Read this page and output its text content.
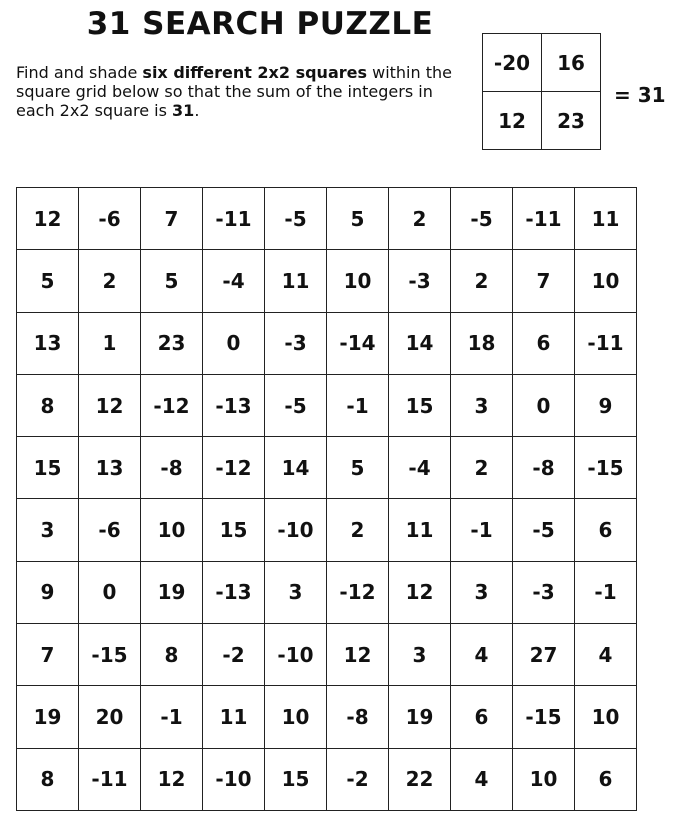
31 SEARCH PUZZLE
Find and shade six different 2x2 squares within the square grid below so that the sum of the integers in each 2x2 square is 31.
-20	16
12	23
= 31
12	-6	7	-11	-5	5	2	-5	-11	11
5	2	5	-4	11	10	-3	2	7	10
13	1	23	0	-3	-14	14	18	6	-11
8	12	-12	-13	-5	-1	15	3	0	9
15	13	-8	-12	14	5	-4	2	-8	-15
3	-6	10	15	-10	2	11	-1	-5	6
9	0	19	-13	3	-12	12	3	-3	-1
7	-15	8	-2	-10	12	3	4	27	4
19	20	-1	11	10	-8	19	6	-15	10
8	-11	12	-10	15	-2	22	4	10	6
